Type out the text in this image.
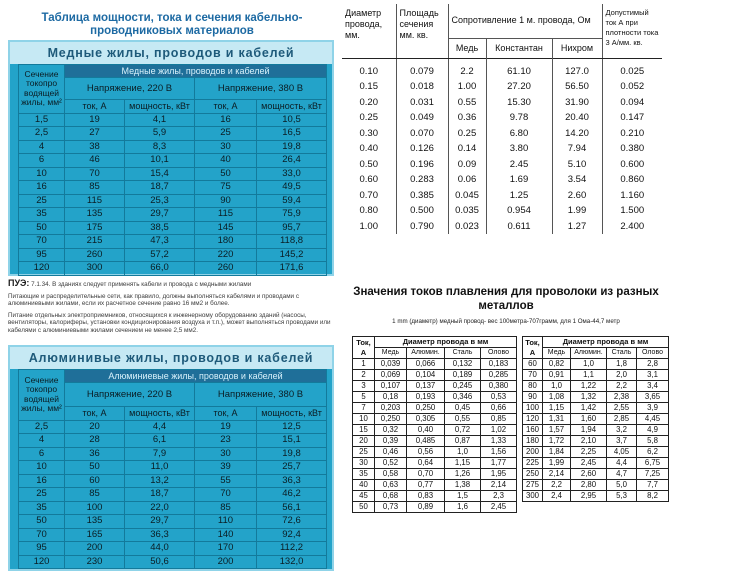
Таблица мощности, тока и сечения кабельно-проводниковых материалов
Медные жилы, проводов и кабелей
Сечение токопро водящей жилы, мм²	Медные жилы, проводов и кабелей			
	Напряжение, 220 В		Напряжение, 380 В	
	ток, А	мощность, кВт	ток, А	мощность, кВт
1,5	19	4,1	16	10,5
2,5	27	5,9	25	16,5
4	38	8,3	30	19,8
6	46	10,1	40	26,4
10	70	15,4	50	33,0
16	85	18,7	75	49,5
25	115	25,3	90	59,4
35	135	29,7	115	75,9
50	175	38,5	145	95,7
70	215	47,3	180	118,8
95	260	57,2	220	145,2
120	300	66,0	260	171,6

ПУЭ: 7.1.34. В зданиях следует применять кабели и провода с медными жилами

Питающие и распределительные сети, как правило, должны выполняться кабелями и проводами с алюминиевыми жилами, если их расчетное сечение равно 16 мм2 и более.

Питание отдельных электроприемников, относящихся к инженерному оборудованию зданий (насосы, вентиляторы, калориферы, установки кондиционирования воздуха и т.п.), может выполняться проводами или кабелями с алюминиевыми жилами сечением не менее 2,5 мм2.

Алюминивые жилы, проводов и кабелей
Сечение токопро водящей жилы, мм²	Алюминиевые жилы, проводов и кабелей			
	Напряжение, 220 В		Напряжение, 380 В	
	ток, А	мощность, кВт	ток, А	мощность, кВт
2,5	20	4,4	19	12,5
4	28	6,1	23	15,1
6	36	7,9	30	19,8
10	50	11,0	39	25,7
16	60	13,2	55	36,3
25	85	18,7	70	46,2
35	100	22,0	85	56,1
50	135	29,7	110	72,6
70	165	36,3	140	92,4
95	200	44,0	170	112,2
120	230	50,6	200	132,0
Диаметр провода, мм.	Площадь сечения мм. кв.	Сопротивление 1 м. провода, Ом			Допустимый ток А при плотности тока 3 А/мм. кв.
		Медь	Константан	Нихром	
0.10	0.079	2.2	61.10	127.0	0.025
0.15	0.018	1.00	27.20	56.50	0.052
0.20	0.031	0.55	15.30	31.90	0.094
0.25	0.049	0.36	9.78	20.40	0.147
0.30	0.070	0.25	6.80	14.20	0.210
0.40	0.126	0.14	3.80	7.94	0.380
0.50	0.196	0.09	2.45	5.10	0.600
0.60	0.283	0.06	1.69	3.54	0.860
0.70	0.385	0.045	1.25	2.60	1.160
0.80	0.500	0.035	0.954	1.99	1.500
1.00	0.790	0.023	0.611	1.27	2.400
Значения токов плавления для проволоки из разных металлов
1 mm (диаметр) медный провод- вес 100метра-707грамм, для 1 Ома-44,7 метр
Ток, А	Диаметр провода в мм			
	Медь	Алюмин.	Сталь	Олово
1	0,039	0,066	0,132	0,183
2	0,069	0,104	0,189	0,285
3	0,107	0,137	0,245	0,380
5	0,18	0,193	0,346	0,53
7	0,203	0,250	0,45	0,66
10	0,250	0,305	0,55	0,85
15	0,32	0,40	0,72	1,02
20	0,39	0,485	0,87	1,33
25	0,46	0,56	1,0	1,56
30	0,52	0,64	1,15	1,77
35	0,58	0,70	1,26	1,95
40	0,63	0,77	1,38	2,14
45	0,68	0,83	1,5	2,3
50	0,73	0,89	1,6	2,45
Ток, А	Диаметр провода в мм			
	Медь	Алюмин.	Сталь	Олово
60	0,82	1,0	1,8	2,8
70	0,91	1,1	2,0	3,1
80	1,0	1,22	2,2	3,4
90	1,08	1,32	2,38	3,65
100	1,15	1,42	2,55	3,9
120	1,31	1,60	2,85	4,45
160	1,57	1,94	3,2	4,9
180	1,72	2,10	3,7	5,8
200	1,84	2,25	4,05	6,2
225	1,99	2,45	4,4	6,75
250	2,14	2,60	4,7	7,25
275	2,2	2,80	5,0	7,7
300	2,4	2,95	5,3	8,2
